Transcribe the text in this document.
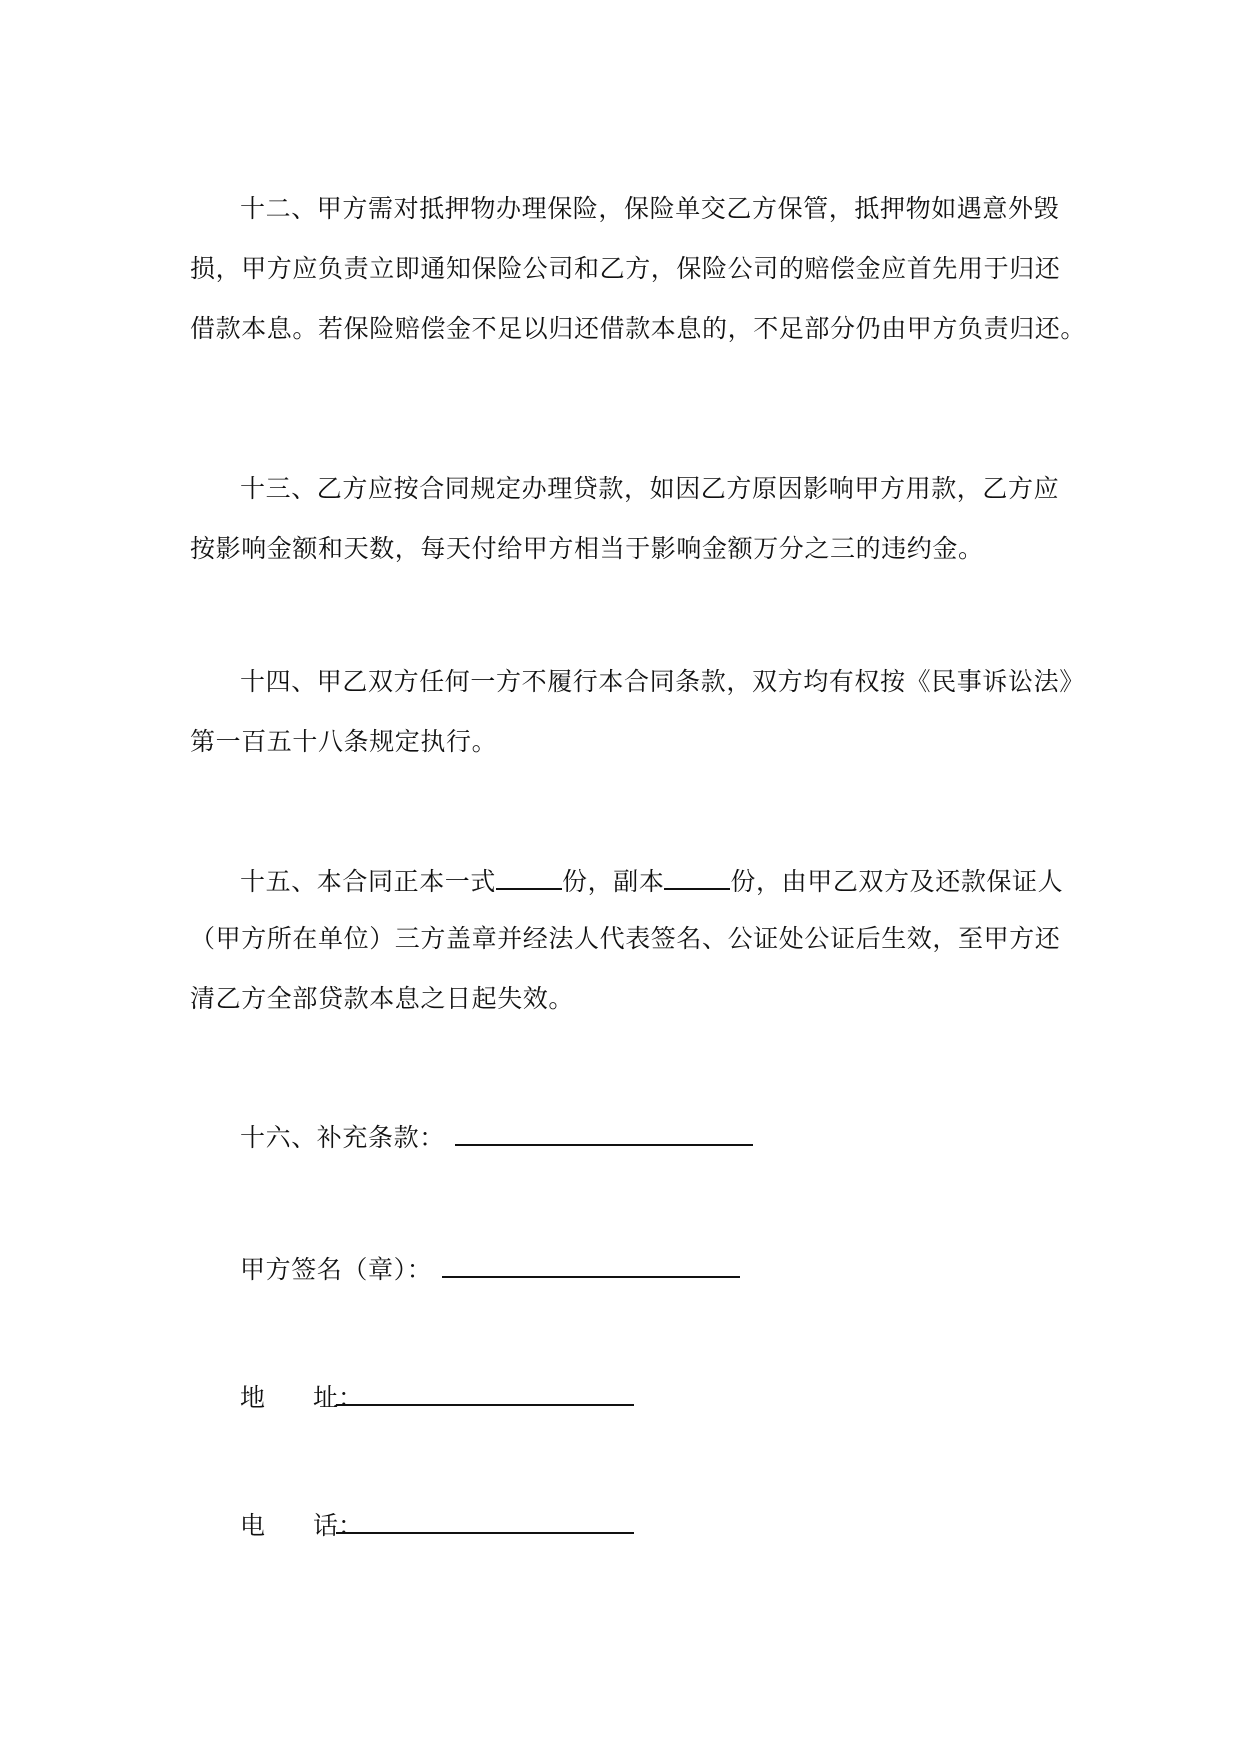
十二、甲方需对抵押物办理保险，保险单交乙方保管，抵押物如遇意外毁
损，甲方应负责立即通知保险公司和乙方，保险公司的赔偿金应首先用于归还
借款本息。若保险赔偿金不足以归还借款本息的，不足部分仍由甲方负责归还。
十三、乙方应按合同规定办理贷款，如因乙方原因影响甲方用款，乙方应
按影响金额和天数，每天付给甲方相当于影响金额万分之三的违约金。
十四、甲乙双方任何一方不履行本合同条款，双方均有权按《民事诉讼法》
第一百五十八条规定执行。
十五、本合同正本一式	份，副本	份，由甲乙双方及还款保证人
（甲方所在单位）三方盖章并经法人代表签名、公证处公证后生效，至甲方还
清乙方全部贷款本息之日起失效。
十六、补充条款：
甲方签名（章）：
地 址：
电 话：
